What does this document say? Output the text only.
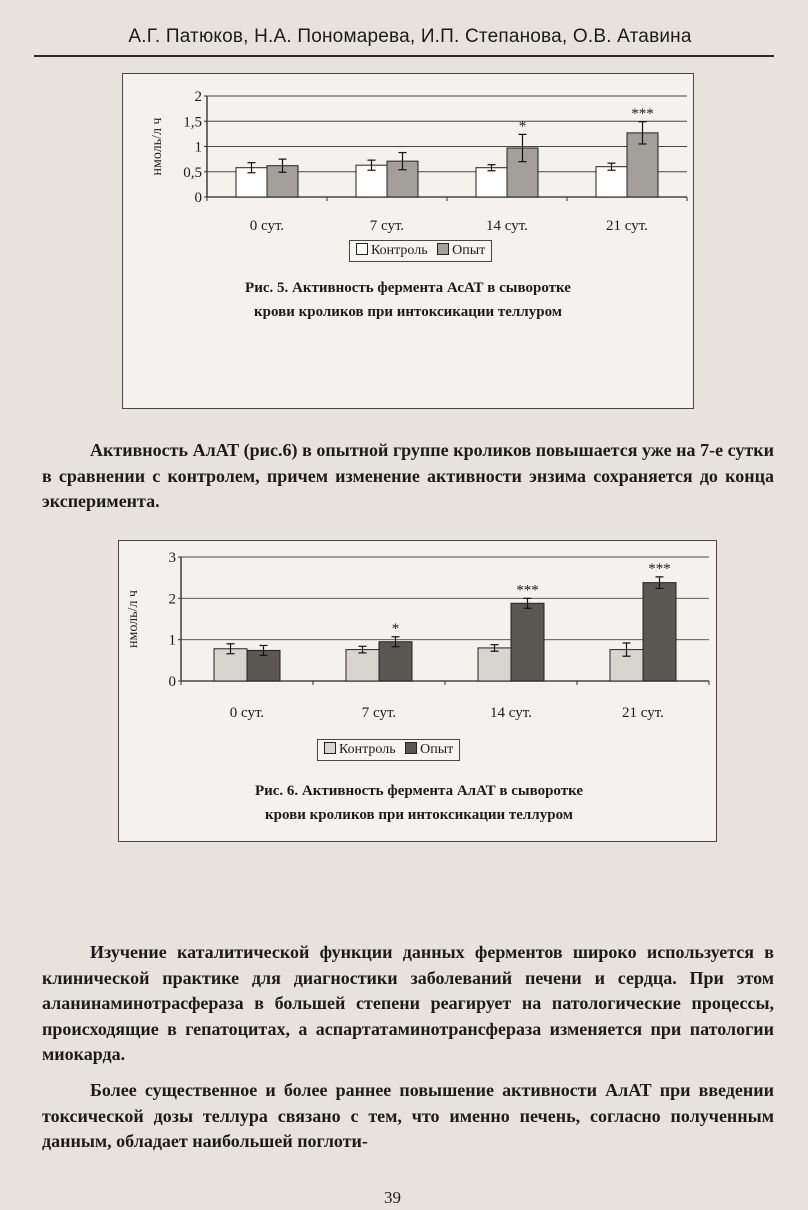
А.Г. Патюков, Н.А. Пономарева, И.П. Степанова, О.В. Атавина
0
0,5
1
1,5
2
нмоль/л ч
0 сут.	7 сут.	14 сут.
*
21 сут.
***
Контроль Опыт
Рис. 5. Активность фермента АсАТ в сыворотке
крови кроликов при интоксикации теллуром
Активность АлАТ (рис.6) в опытной группе кроликов повышается уже на 7-е сутки в сравнении с контролем, причем изменение активности энзима сохраняется до конца эксперимента.
0
1
2
3
нмоль/л ч
0 сут.	7 сут.
*
14 сут.
***
21 сут.
***
Контроль Опыт
Рис. 6. Активность фермента АлАТ в сыворотке
крови кроликов при интоксикации теллуром
Изучение каталитической функции данных ферментов широко используется в клинической практике для диагностики заболеваний печени и сердца. При этом аланинаминотрасфераза в большей степени реагирует на патологические процессы, происходящие в гепатоцитах, а аспартатаминотрансфераза изменяется при патологии миокарда.
Более существенное и более раннее повышение активности АлАТ при введении токсической дозы теллура связано с тем, что именно печень, согласно полученным данным, обладает наибольшей поглоти-
39
